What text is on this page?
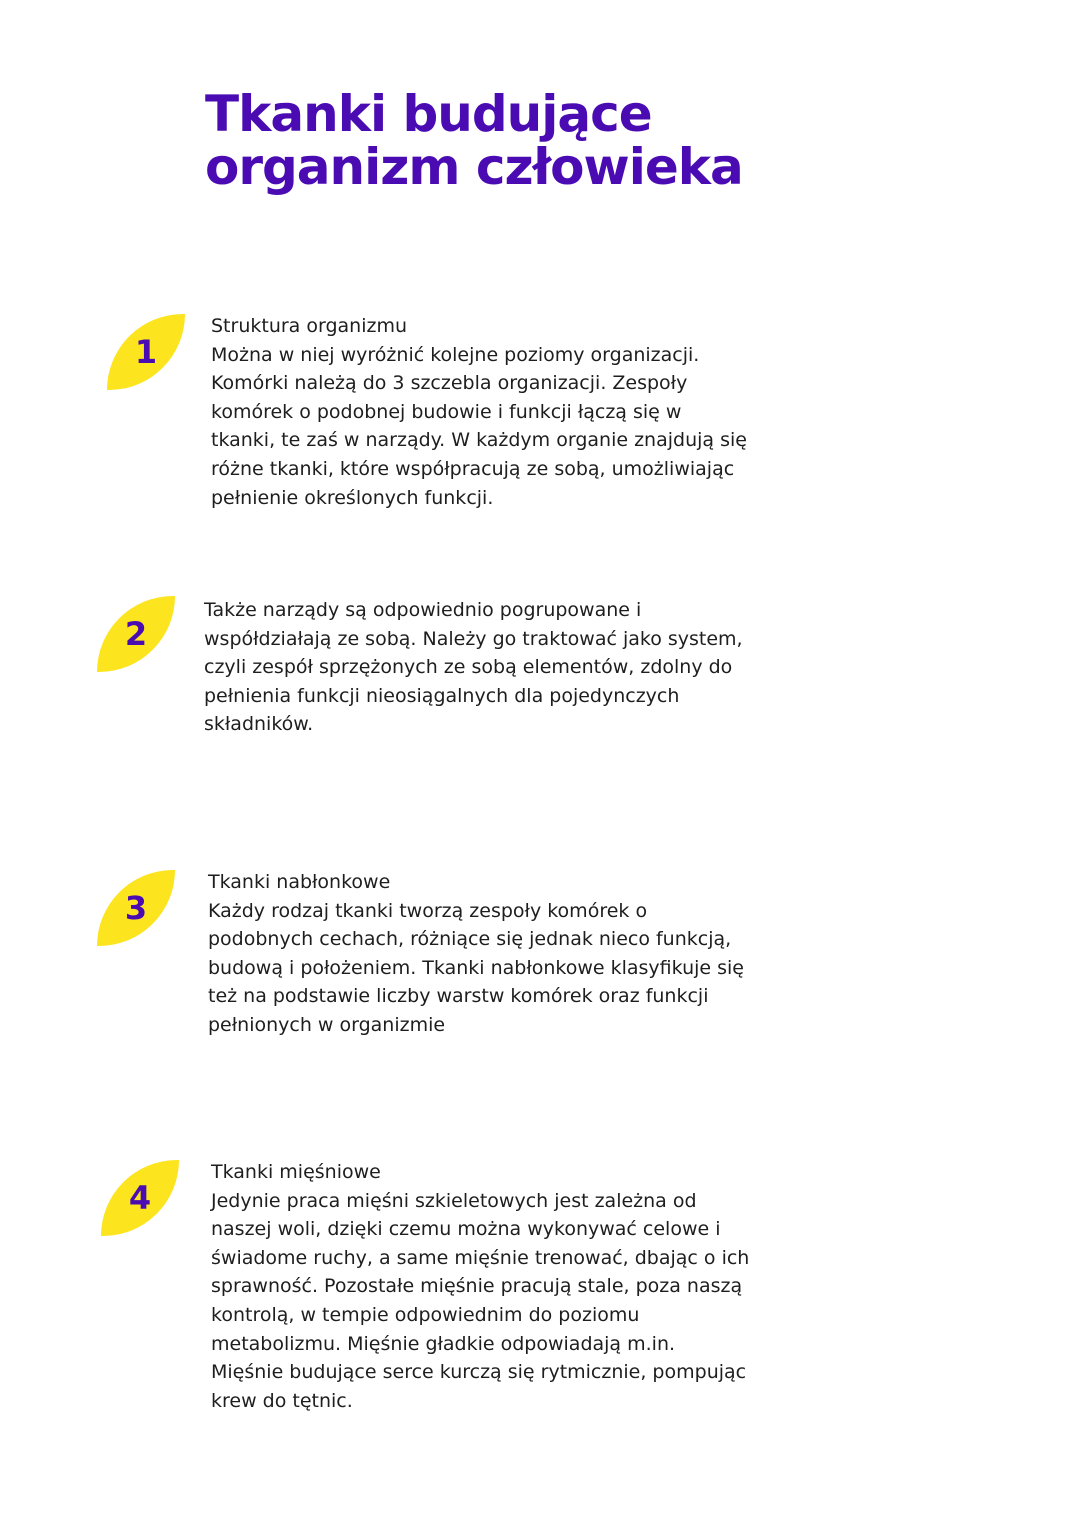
Tkanki budujące organizm człowieka
1
Struktura organizmu
Można w niej wyróżnić kolejne poziomy organizacji. Komórki należą do 3 szczebla organizacji. Zespoły komórek o podobnej budowie i funkcji łączą się w tkanki, te zaś w narządy. W każdym organie znajdują się różne tkanki, które współpracują ze sobą, umożliwiając pełnienie określonych funkcji.
2
Także narządy są odpowiednio pogrupowane i współdziałają ze sobą. Należy go traktować jako system, czyli zespół sprzężonych ze sobą elementów, zdolny do pełnienia funkcji nieosiągalnych dla pojedynczych składników.
3
Tkanki nabłonkowe
Każdy rodzaj tkanki tworzą zespoły komórek o podobnych cechach, różniące się jednak nieco funkcją, budową i położeniem. Tkanki nabłonkowe klasyfikuje się też na podstawie liczby warstw komórek oraz funkcji pełnionych w organizmie
4
Tkanki mięśniowe
Jedynie praca mięśni szkieletowych jest zależna od naszej woli, dzięki czemu można wykonywać celowe i świadome ruchy, a same mięśnie trenować, dbając o ich sprawność. Pozostałe mięśnie pracują stale, poza naszą kontrolą, w tempie odpowiednim do poziomu metabolizmu. Mięśnie gładkie odpowiadają m.in. Mięśnie budujące serce kurczą się rytmicznie, pompując krew do tętnic.
